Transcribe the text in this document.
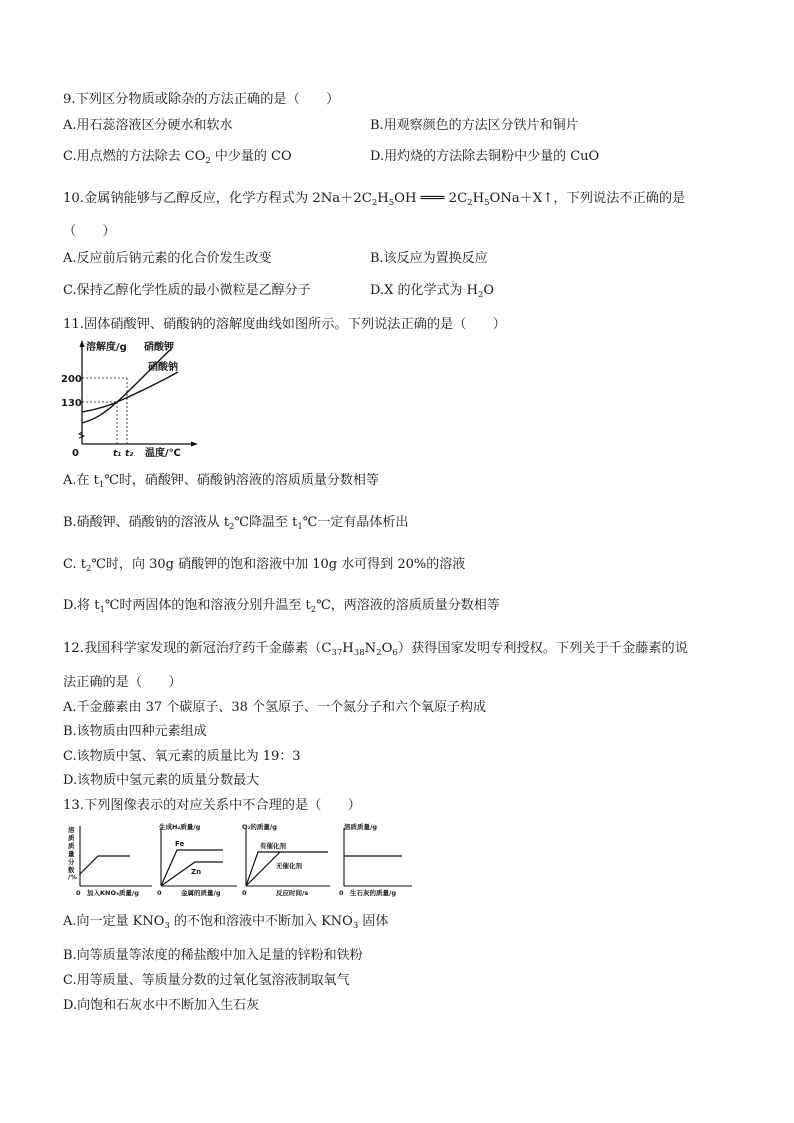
9.下列区分物质或除杂的方法正确的是（　　）
A.用石蕊溶液区分硬水和软水	B.用观察颜色的方法区分铁片和铜片
C.用点燃的方法除去 $CO_2$ 中少量的 CO	D.用灼烧的方法除去铜粉中少量的 CuO
10.金属钠能够与乙醇反应，化学方程式为 $2Na+2C_2H_5OH$ ═══ $2C_2H_5ONa+X↑$，下列说法不正确的是
（　　）
A.反应前后钠元素的化合价发生改变	B.该反应为置换反应
C.保持乙醇化学性质的最小微粒是乙醇分子	D.X 的化学式为 $H_2O$
11.固体硝酸钾、硝酸钠的溶解度曲线如图所示。下列说法正确的是（　　）
溶解度/g
温度/℃
0
200
130
t₁ t₂
硝酸钾
硝酸钠
A.在 $t_1℃$时，硝酸钾、硝酸钠溶液的溶质质量分数相等
B.硝酸钾、硝酸钠的溶液从 $t_2℃$降温至 $t_1℃$一定有晶体析出
C. $t_2℃$时，向 30g 硝酸钾的饱和溶液中加 10g 水可得到 20%的溶液
D.将 $t_1℃$时两固体的饱和溶液分别升温至 $t_2℃$，两溶液的溶质质量分数相等
12.我国科学家发现的新冠治疗药千金藤素$(C_{37}H_{38}N_2O_6)$获得国家发明专利授权。下列关于千金藤素的说
法正确的是（　　）
A.千金藤素由 37 个碳原子、38 个氢原子、一个氮分子和六个氧原子构成
B.该物质由四种元素组成
C.该物质中氢、氧元素的质量比为 19：3
D.该物质中氢元素的质量分数最大
13.下列图像表示的对应关系中不合理的是（　　）
溶
质
质
量
分
数
/%
0 加入KNO₃质量/g
生成H₂质量/g
0	金属的质量/g
Fe
Zn
O₂的质量/g
0	反应时间/s
有催化剂
无催化剂
溶质质量/g
0 生石灰的质量/g
A.向一定量 $KNO_3$ 的不饱和溶液中不断加入 $KNO_3$ 固体
B.向等质量等浓度的稀盐酸中加入足量的锌粉和铁粉
C.用等质量、等质量分数的过氧化氢溶液制取氧气
D.向饱和石灰水中不断加入生石灰
